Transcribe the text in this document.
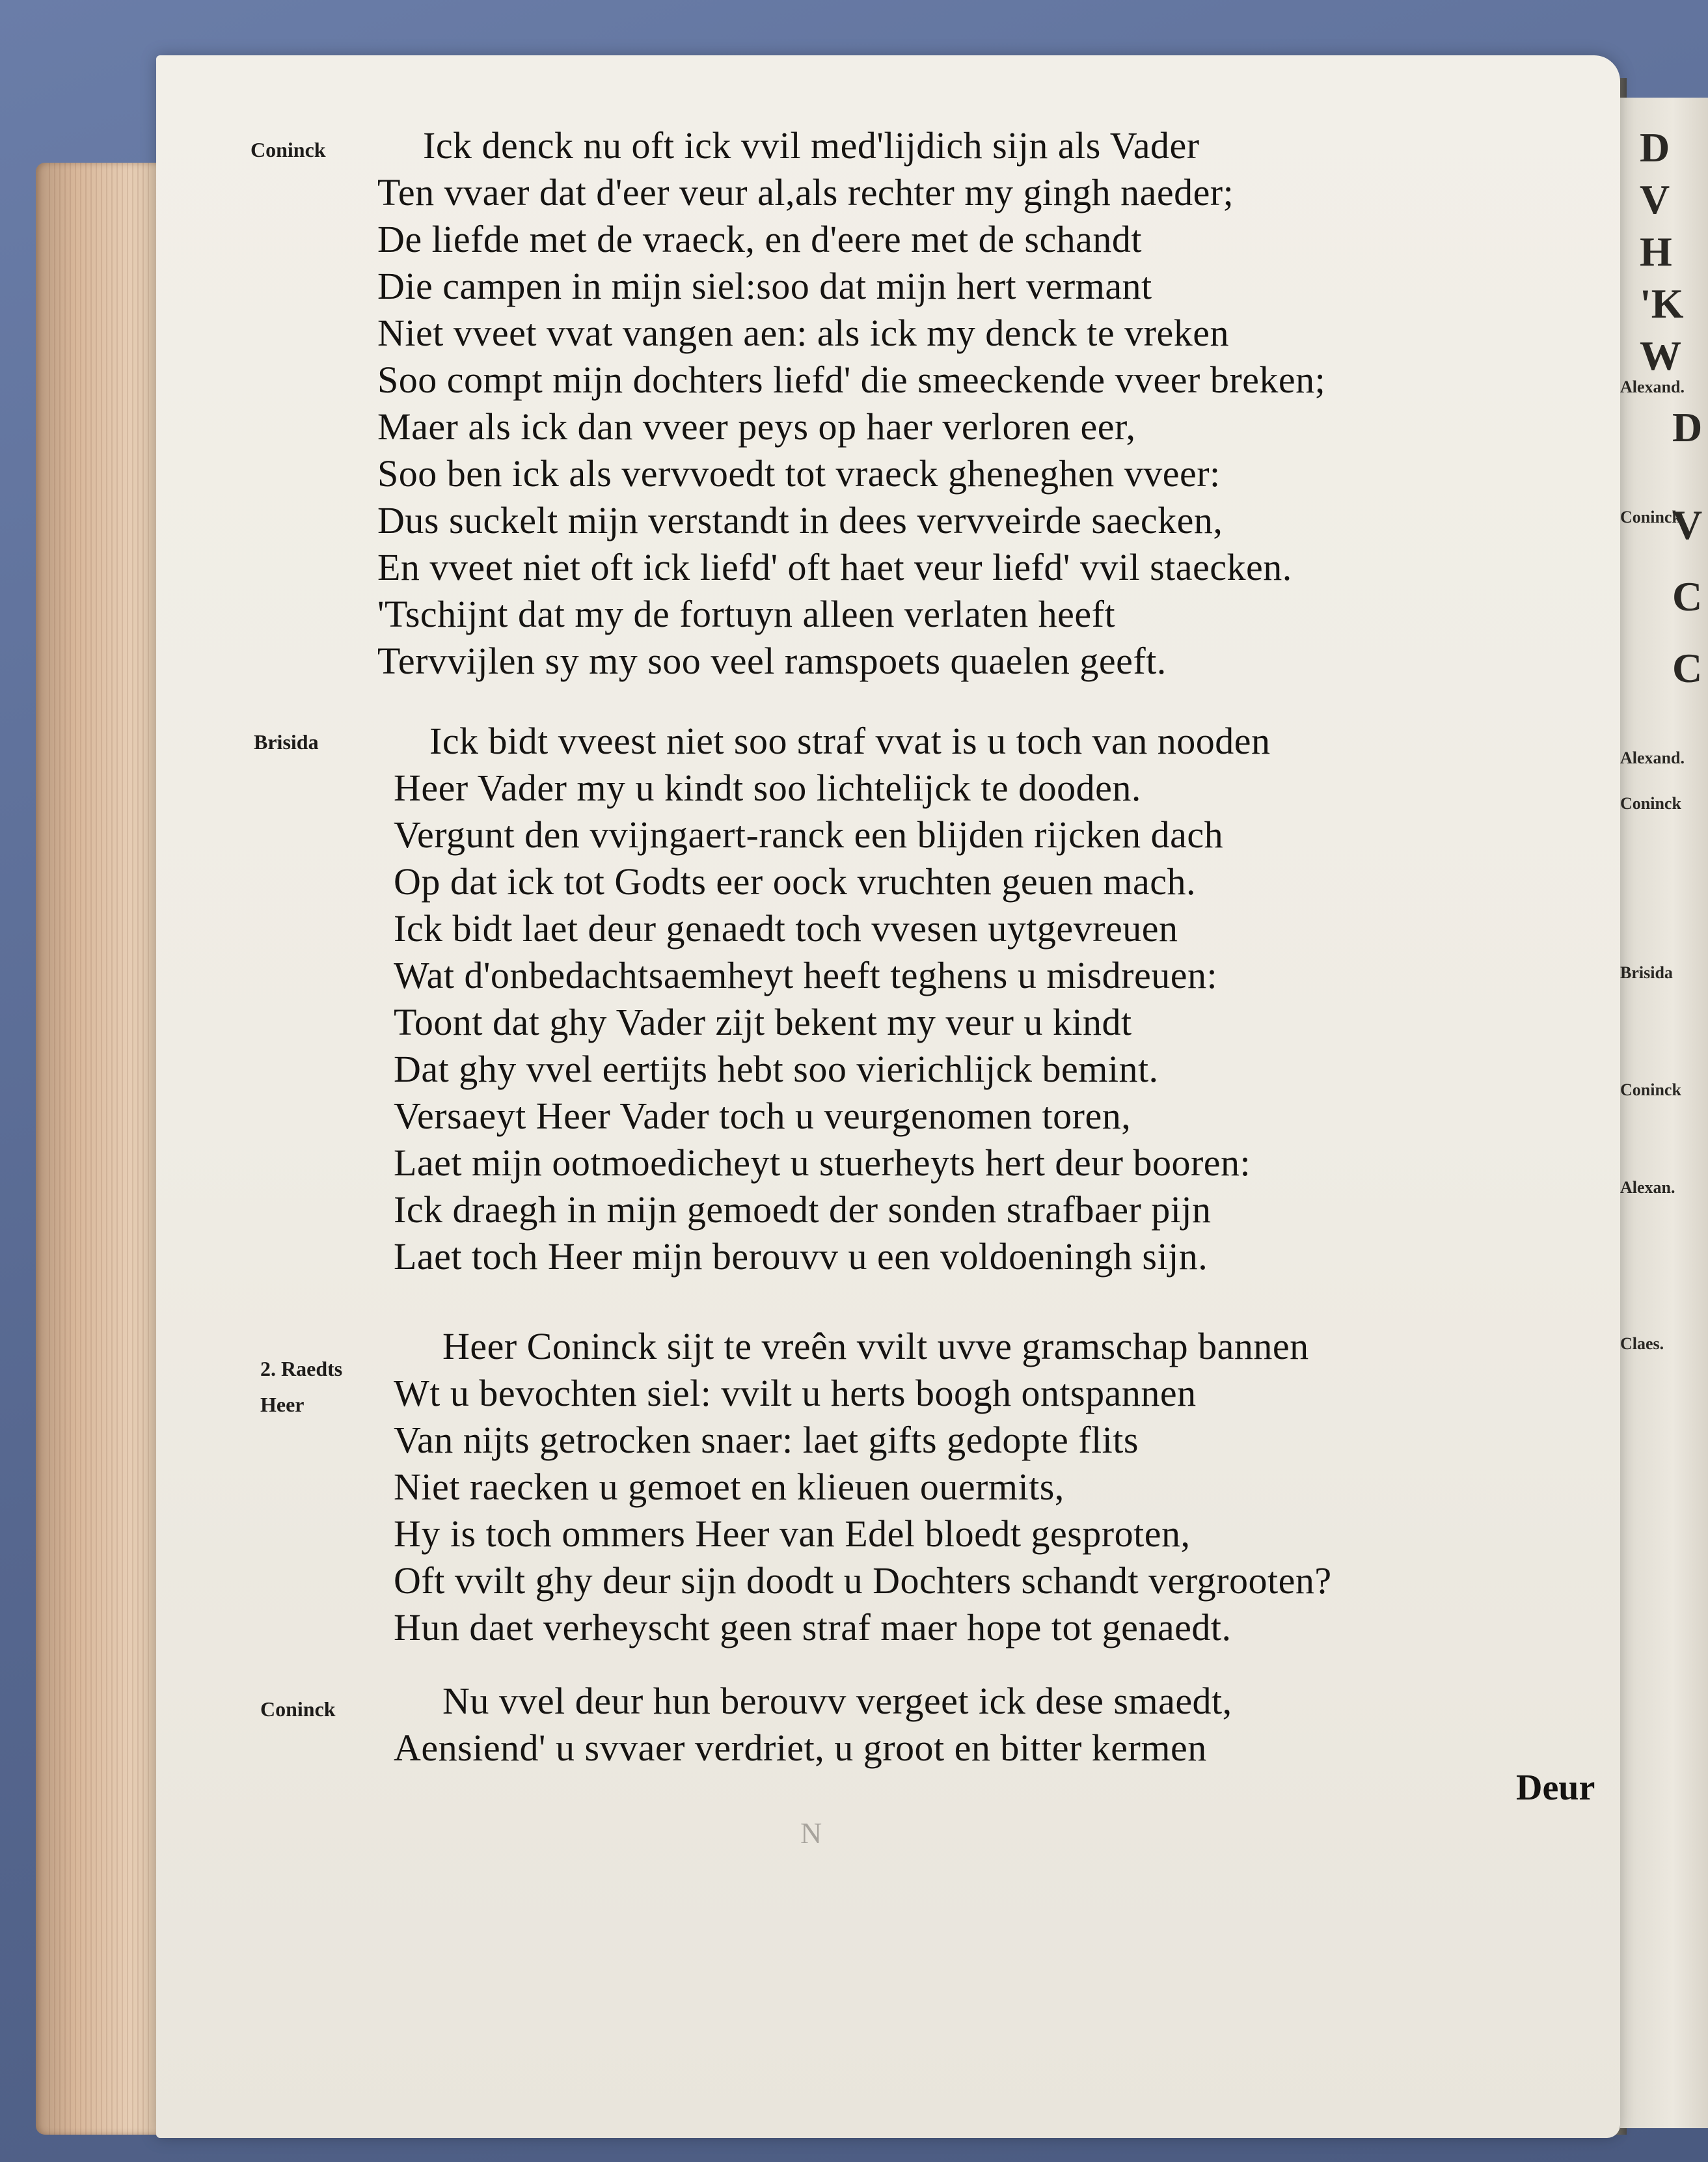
D
V
H
'K
W
D
V
C
C
Alexand.
Coninck
Alexand.
Coninck
Brisida
Coninck
Alexan.
Claes.
Coninck
Brisida
2. Raedts
Heer
Coninck
Ick denck nu oft ick vvil med'lijdich sijn als Vader
Ten vvaer dat d'eer veur al,als rechter my gingh naeder;
De liefde met de vraeck, en d'eere met de schandt
Die campen in mijn siel:soo dat mijn hert vermant
Niet vveet vvat vangen aen: als ick my denck te vreken
Soo compt mijn dochters liefd' die smeeckende vveer breken;
Maer als ick dan vveer peys op haer verloren eer,
Soo ben ick als vervvoedt tot vraeck gheneghen vveer:
Dus suckelt mijn verstandt in dees vervveirde saecken,
En vveet niet oft ick liefd' oft haet veur liefd' vvil staecken.
'Tschijnt dat my de fortuyn alleen verlaten heeft
Tervvijlen sy my soo veel ramspoets quaelen geeft.
Ick bidt vveest niet soo straf vvat is u toch van nooden
Heer Vader my u kindt soo lichtelijck te dooden.
Vergunt den vvijngaert-ranck een blijden rijcken dach
Op dat ick tot Godts eer oock vruchten geuen mach.
Ick bidt laet deur genaedt toch vvesen uytgevreuen
Wat d'onbedachtsaemheyt heeft teghens u misdreuen:
Toont dat ghy Vader zijt bekent my veur u kindt
Dat ghy vvel eertijts hebt soo vierichlijck bemint.
Versaeyt Heer Vader toch u veurgenomen toren,
Laet mijn ootmoedicheyt u stuerheyts hert deur booren:
Ick draegh in mijn gemoedt der sonden strafbaer pijn
Laet toch Heer mijn berouvv u een voldoeningh sijn.
Heer Coninck sijt te vreên vvilt uvve gramschap bannen
Wt u bevochten siel: vvilt u herts boogh ontspannen
Van nijts getrocken snaer: laet gifts gedopte flits
Niet raecken u gemoet en klieuen ouermits,
Hy is toch ommers Heer van Edel bloedt gesproten,
Oft vvilt ghy deur sijn doodt u Dochters schandt vergrooten?
Hun daet verheyscht geen straf maer hope tot genaedt.
Nu vvel deur hun berouvv vergeet ick dese smaedt,
Aensiend' u svvaer verdriet, u groot en bitter kermen
Deur
N
